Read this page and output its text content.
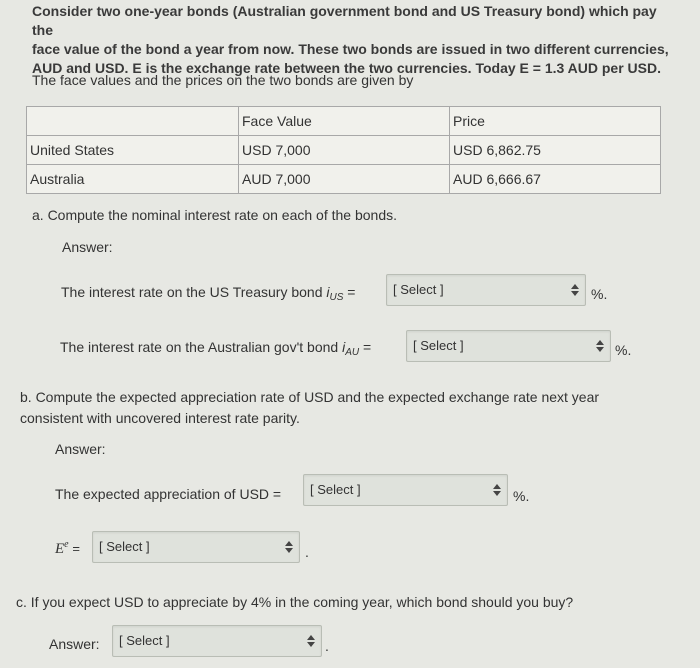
Consider two one-year bonds (Australian government bond and US Treasury bond) which pay the

face value of the bond a year from now. These two bonds are issued in two different currencies,

AUD and USD. E is the exchange rate between the two currencies. Today E = 1.3 AUD per USD.

The face values and the prices on the two bonds are given by
	Face Value	Price
United States	USD 7,000	USD 6,862.75
Australia	AUD 7,000	AUD 6,666.67
a. Compute the nominal interest rate on each of the bonds.
Answer:
The interest rate on the US Treasury bond $i_{US}$ =	[ Select ]	%.
The interest rate on the Australian gov't bond $i_{AU}$ =	[ Select ]	%.
b. Compute the expected appreciation rate of USD and the expected exchange rate next year
consistent with uncovered interest rate parity.
Answer:
The expected appreciation of USD = [ Select ]	%.
$E^e$ = [ Select ]	.
c. If you expect USD to appreciate by 4% in the coming year, which bond should you buy?
Answer: [ Select ]	.
